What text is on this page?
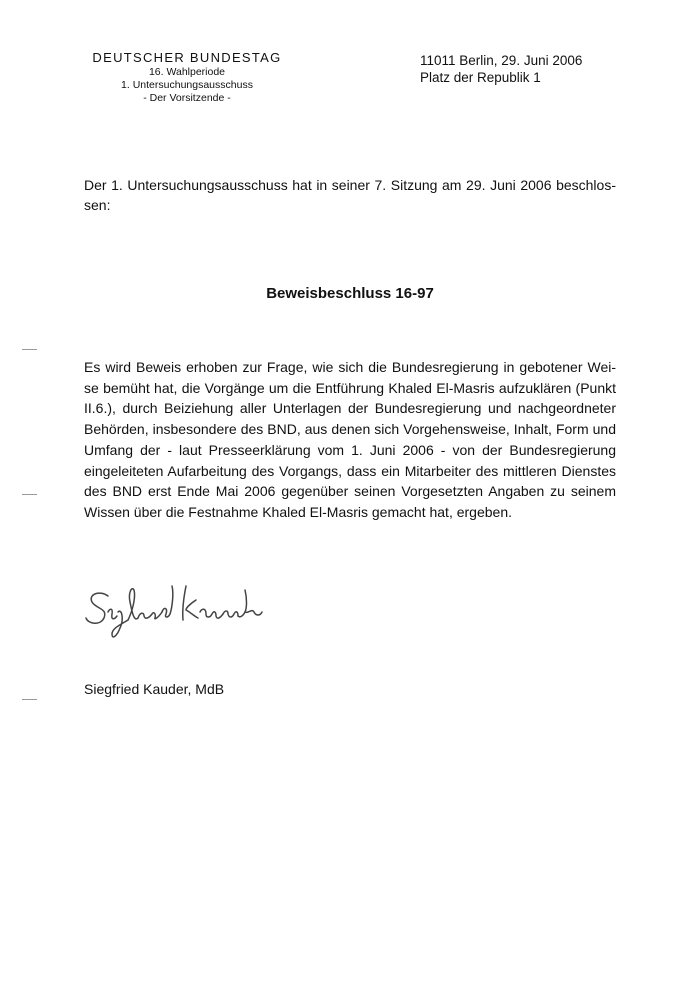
DEUTSCHER BUNDESTAG
16. Wahlperiode
1. Untersuchungsausschuss
- Der Vorsitzende -
11011 Berlin, 29. Juni 2006
Platz der Republik 1
Der 1. Untersuchungsausschuss hat in seiner 7. Sitzung am 29. Juni 2006 beschlos-sen:
Beweisbeschluss 16-97
Es wird Beweis erhoben zur Frage, wie sich die Bundesregierung in gebotener Wei-se bemüht hat, die Vorgänge um die Entführung Khaled El-Masris aufzuklären (Punkt II.6.), durch Beiziehung aller Unterlagen der Bundesregierung und nachgeordneter Behörden, insbesondere des BND, aus denen sich Vorgehensweise, Inhalt, Form und Umfang der - laut Presseerklärung vom 1. Juni 2006 - von der Bundesregierung eingeleiteten Aufarbeitung des Vorgangs, dass ein Mitarbeiter des mittleren Dienstes des BND erst Ende Mai 2006 gegenüber seinen Vorgesetzten Angaben zu seinem Wissen über die Festnahme Khaled El-Masris gemacht hat, ergeben.
Siegfried Kauder, MdB
